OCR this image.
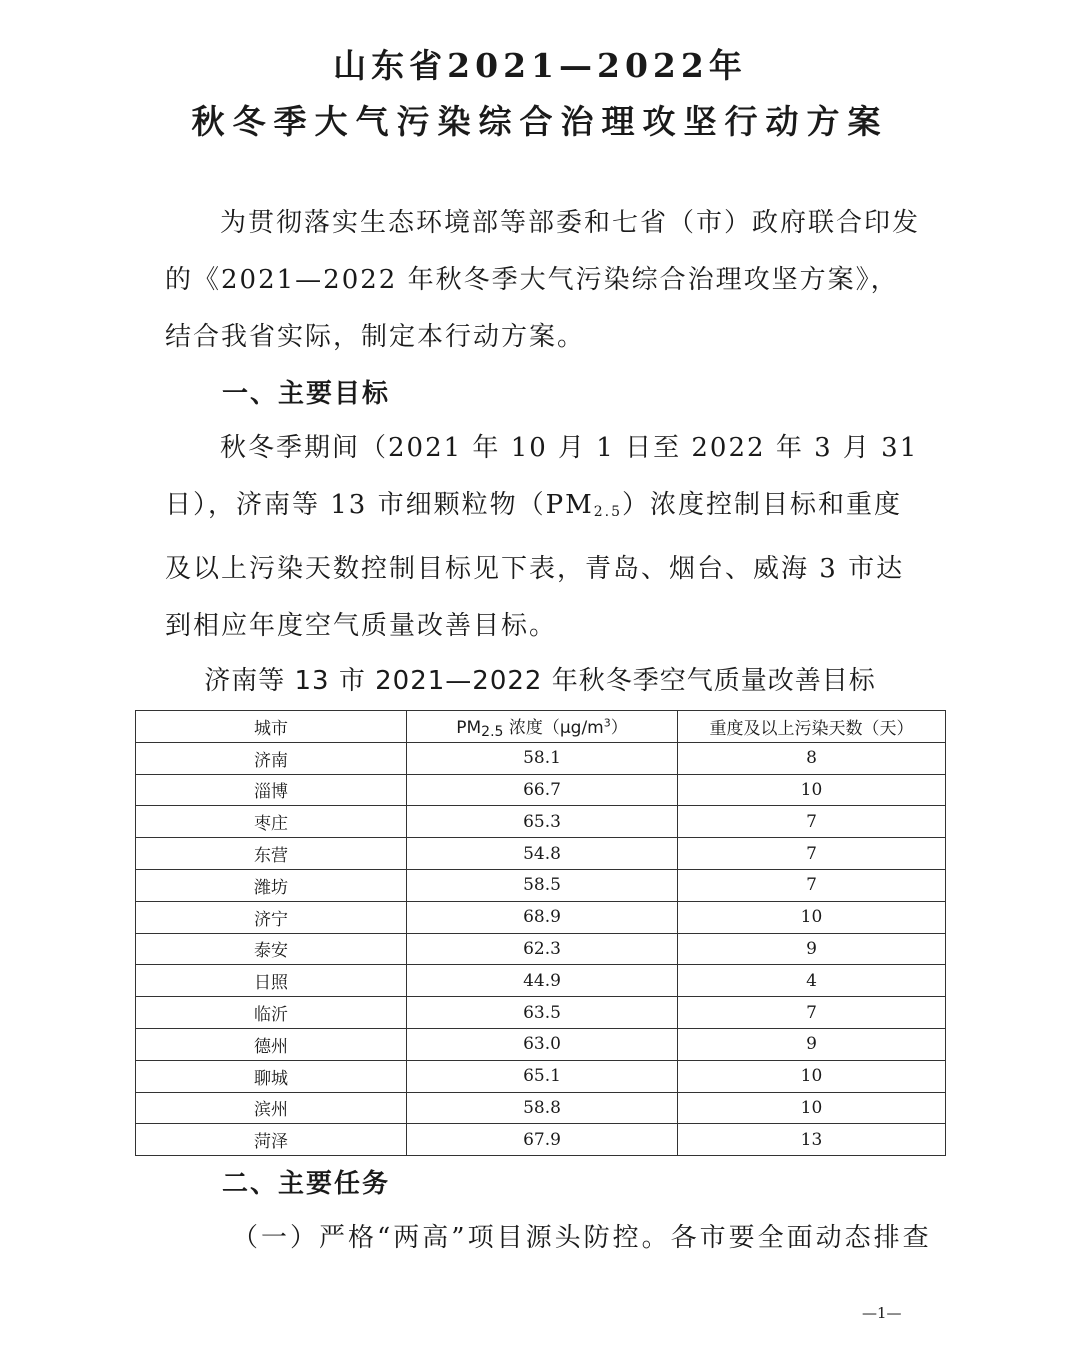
山东省2021—2022年
秋冬季大气污染综合治理攻坚行动方案

为贯彻落实生态环境部等部委和七省（市）政府联合印发的《2021—2022 年秋冬季大气污染综合治理攻坚方案》，结合我省实际，制定本行动方案。

一、主要目标

秋冬季期间（2021 年 10 月 1 日至 2022 年 3 月 31 日），济南等 13 市细颗粒物$(PM_{2.5})$浓度控制目标和重度及以上污染天数控制目标见下表，青岛、烟台、威海 3 市达到相应年度空气质量改善目标。

济南等 13 市 2021—2022 年秋冬季空气质量改善目标
城市	$PM_{2.5}$ 浓度$(\mu g/m^3)$	重度及以上污染天数（天）
济南	58.1	8
淄博	66.7	10
枣庄	65.3	7
东营	54.8	7
潍坊	58.5	7
济宁	68.9	10
泰安	62.3	9
日照	44.9	4
临沂	63.5	7
德州	63.0	9
聊城	65.1	10
滨州	58.8	10
菏泽	67.9	13
二、主要任务

（一）严格“两高”项目源头防控。各市要全面动态排查

—1—
